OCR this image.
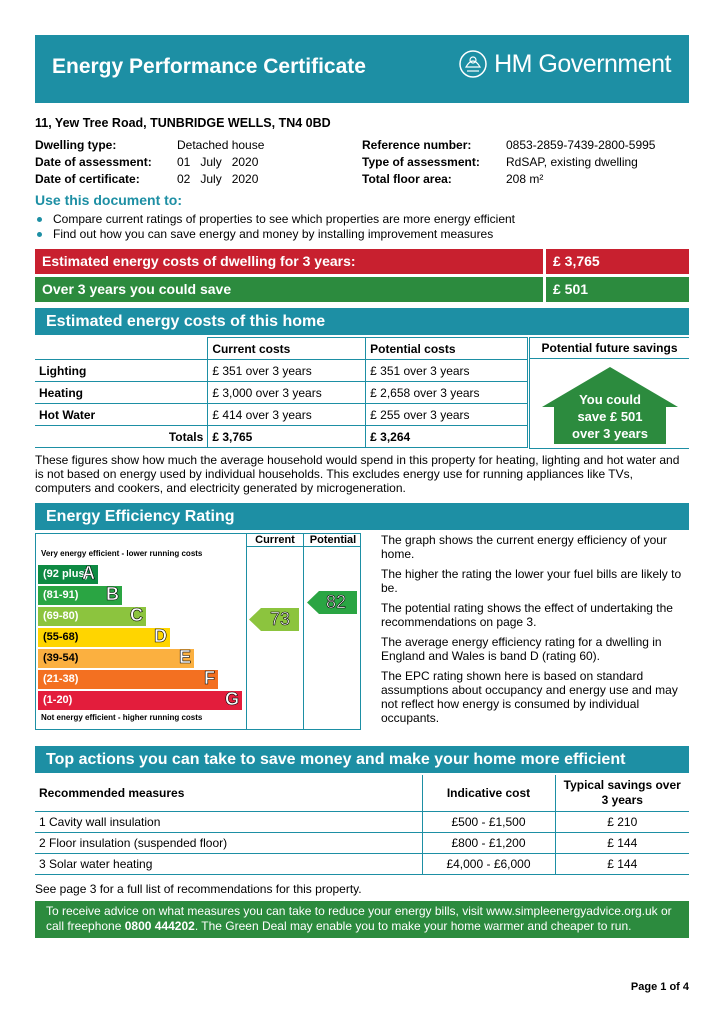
Energy Performance Certificate	HM Government
11, Yew Tree Road, TUNBRIDGE WELLS, TN4 0BD
Dwelling type:	Detached house
Date of assessment:	01   July   2020
Date of certificate:	02   July   2020
Reference number:	0853-2859-7439-2800-5995
Type of assessment:	RdSAP, existing dwelling
Total floor area:	208 m²
Use this document to:
Compare current ratings of properties to see which properties are more energy efficient
Find out how you can save energy and money by installing improvement measures
Estimated energy costs of dwelling for 3 years:	£ 3,765
Over 3 years you could save	£ 501
Estimated energy costs of this home
	Current costs	Potential costs
Lighting	£ 351 over 3 years	£ 351 over 3 years
Heating	£ 3,000 over 3 years	£ 2,658 over 3 years
Hot Water	£ 414 over 3 years	£ 255 over 3 years
Totals	£ 3,765	£ 3,264
Potential future savings
You could
save £ 501
over 3 years
These figures show how much the average household would spend in this property for heating, lighting and hot water and is not based on energy used by individual households. This excludes energy use for running appliances like TVs, computers and cookers, and electricity generated by microgeneration.
Energy Efficiency Rating
Current	Potential
Very energy efficient - lower running costs
Not energy efficient - higher running costs
(92 plus)
A
(81-91) B
(69-80)	C
(55-68)	D
(39-54)	E
(21-38)	F
(1-20)	G
73
82

The graph shows the current energy efficiency of your home.

The higher the rating the lower your fuel bills are likely to be.

The potential rating shows the effect of undertaking the recommendations on page 3.

The average energy efficiency rating for a dwelling in England and Wales is band D (rating 60).

The EPC rating shown here is based on standard assumptions about occupancy and energy use and may not reflect how energy is consumed by individual occupants.

Top actions you can take to save money and make your home more efficient
Recommended measures	Indicative cost	Typical savings over 3 years
1 Cavity wall insulation	£500 - £1,500	£ 210
2 Floor insulation (suspended floor)	£800 - £1,200	£ 144
3 Solar water heating	£4,000 - £6,000	£ 144
See page 3 for a full list of recommendations for this property.
To receive advice on what measures you can take to reduce your energy bills, visit www.simpleenergyadvice.org.uk or call freephone 0800 444202. The Green Deal may enable you to make your home warmer and cheaper to run.
Page 1 of 4
